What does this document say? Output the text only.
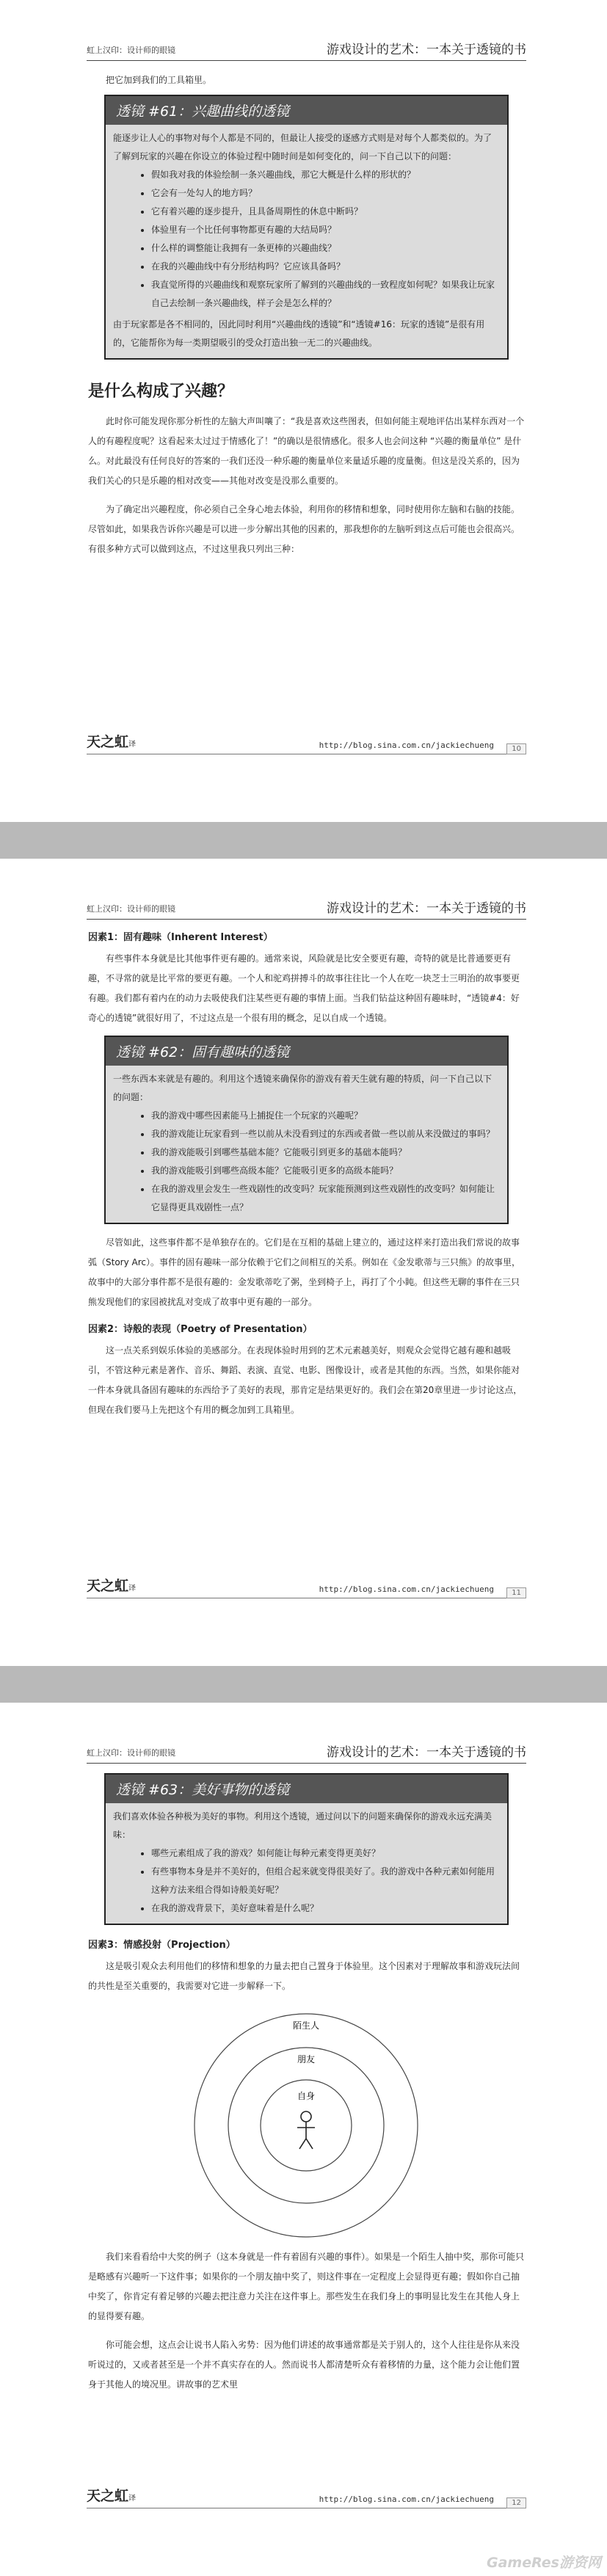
虹上汉印：设计师的眼镜	游戏设计的艺术：一本关于透镜的书

把它加到我们的工具箱里。

透镜 #61：兴趣曲线的透镜
能逐步让人心的事物对每个人都是不同的，但最让人接受的逐感方式则是对每个人都类似的。为了了解到玩家的兴趣在你设立的体验过程中随时间是如何变化的，问一下自己以下的问题：
• 假如我对我的体验绘制一条兴趣曲线，那它大概是什么样的形状的？
• 它会有一处勾人的地方吗？
• 它有着兴趣的逐步提升，且具备周期性的休息中断吗？
• 体验里有一个比任何事物都更有趣的大结局吗？
• 什么样的调整能让我拥有一条更棒的兴趣曲线？
• 在我的兴趣曲线中有分形结构吗？它应该具备吗？
• 我直觉所得的兴趣曲线和观察玩家所了解到的兴趣曲线的一致程度如何呢？如果我让玩家自己去绘制一条兴趣曲线，样子会是怎么样的？
由于玩家都是各不相同的，因此同时利用“兴趣曲线的透镜”和“透镜#16：玩家的透镜”是很有用的，它能帮你为每一类期望吸引的受众打造出独一无二的兴趣曲线。
是什么构成了兴趣？

此时你可能发现你那分析性的左脑大声叫嚷了：“我是喜欢这些图表，但如何能主观地评估出某样东西对一个人的有趣程度呢？这看起来太过过于情感化了！”的确以是很情感化。很多人也会问这种 “兴趣的衡量单位” 是什么。对此最没有任何良好的答案的一我们还没一种乐趣的衡量单位来量适乐趣的度量衡。但这是没关系的，因为我们关心的只是乐趣的相对改变——其他对改变是没那么重要的。

为了确定出兴趣程度，你必须自己全身心地去体验，利用你的移情和想象，同时使用你左脑和右脑的技能。尽管如此，如果我告诉你兴趣是可以进一步分解出其他的因素的，那我想你的左脑听到这点后可能也会很高兴。有很多种方式可以做到这点，不过这里我只列出三种：

天之虹译	http://blog.sina.com.cn/jackiechueng	10
虹上汉印：设计师的眼镜	游戏设计的艺术：一本关于透镜的书
因素1：固有趣味（Inherent Interest）

有些事件本身就是比其他事件更有趣的。通常来说，风险就是比安全要更有趣，奇特的就是比普通要更有趣，不寻常的就是比平常的要更有趣。一个人和驼鸡拼搏斗的故事往往比一个人在吃一块芝士三明治的故事要更有趣。我们都有着内在的动力去吸使我们注某些更有趣的事情上面。当我们钻益这种固有趣味时，“透镜#4：好奇心的透镜”就很好用了，不过这点是一个很有用的概念，足以自成一个透镜。

透镜 #62：固有趣味的透镜
一些东西本来就是有趣的。利用这个透镜来确保你的游戏有着天生就有趣的特质，问一下自己以下的问题：
• 我的游戏中哪些因素能马上捕捉住一个玩家的兴趣呢？
• 我的游戏能让玩家看到一些以前从未没看到过的东西或者做一些以前从来没做过的事吗？
• 我的游戏能吸引到哪些基础本能？它能吸引到更多的基础本能吗？
• 我的游戏能吸引到哪些高级本能？它能吸引更多的高级本能吗？
• 在我的游戏里会发生一些戏剧性的改变吗？玩家能预测到这些戏剧性的改变吗？如何能让它显得更具戏剧性一点？

尽管如此，这些事件都不是单独存在的。它们是在互相的基础上建立的，通过这样来打造出我们常说的故事弧（Story Arc）。事件的固有趣味一部分依赖于它们之间相互的关系。例如在《金发歌蒂与三只熊》的故事里，故事中的大部分事件都不是很有趣的：金发歌蒂吃了粥，坐到椅子上，再打了个小盹。但这些无聊的事件在三只熊发现他们的家园被扰乱对变成了故事中更有趣的一部分。

因素2：诗般的表现（Poetry of Presentation）

这一点关系到娱乐体验的美感部分。在表现体验时用到的艺术元素越美好，则观众会觉得它越有趣和越吸引，不管这种元素是著作、音乐、舞蹈、表演、直觉、电影、图像设计，或者是其他的东西。当然，如果你能对一件本身就具备固有趣味的东西给予了美好的表现，那肯定是结果更好的。我们会在第20章里进一步讨论这点，但现在我们要马上先把这个有用的概念加到工具箱里。

天之虹译	http://blog.sina.com.cn/jackiechueng	11
虹上汉印：设计师的眼镜	游戏设计的艺术：一本关于透镜的书
透镜 #63：美好事物的透镜
我们喜欢体验各种极为美好的事物。利用这个透镜，通过问以下的问题来确保你的游戏永远充满美味：
• 哪些元素组成了我的游戏？如何能让每种元素变得更美好？
• 有些事物本身是并不美好的，但组合起来就变得很美好了。我的游戏中各种元素如何能用这种方法来组合得如诗般美好呢？
• 在我的游戏背景下，美好意味着是什么呢？
因素3：情感投射（Projection）

这是吸引观众去利用他们的移情和想象的力量去把自己置身于体验里。这个因素对于理解故事和游戏玩法间的共性是至关重要的，我需要对它进一步解释一下。

陌生人
朋友
自身

我们来看看给中大奖的例子（这本身就是一件有着固有兴趣的事件）。如果是一个陌生人抽中奖，那你可能只是略感有兴趣听一下这件事；如果你的一个朋友抽中奖了，则这件事在一定程度上会显得更有趣；假如你自己抽中奖了，你肯定有着足够的兴趣去把注意力关注在这件事上。那些发生在我们身上的事明显比发生在其他人身上的显得要有趣。

你可能会想，这点会让说书人陷入劣势：因为他们讲述的故事通常都是关于别人的，这个人往往是你从来没听说过的，又或者甚至是一个并不真实存在的人。然而说书人都清楚听众有着移情的力量，这个能力会让他们置身于其他人的境况里。讲故事的艺术里

天之虹译	http://blog.sina.com.cn/jackiechueng	12
GameRes游资网
